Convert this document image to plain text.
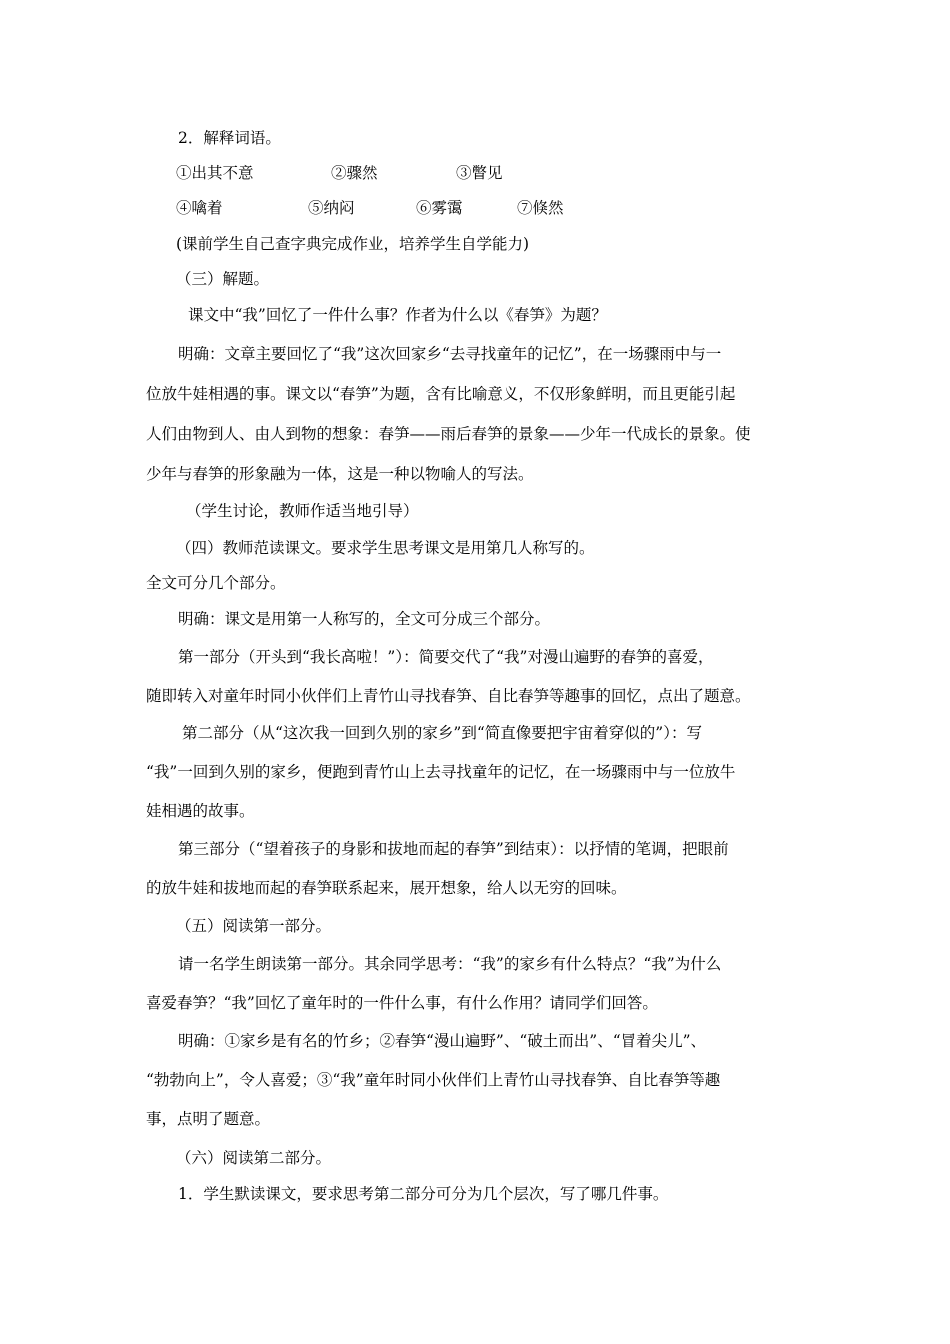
2．解释词语。
①出其不意	②骤然	③瞥见
④噙着	⑤纳闷	⑥雾霭	⑦倏然
(课前学生自己查字典完成作业，培养学生自学能力)
（三）解题。
课文中“我”回忆了一件什么事？作者为什么以《春笋》为题？
明确：文章主要回忆了“我”这次回家乡“去寻找童年的记忆”，在一场骤雨中与一
位放牛娃相遇的事。课文以“春笋”为题，含有比喻意义，不仅形象鲜明，而且更能引起
人们由物到人、由人到物的想象：春笋——雨后春笋的景象——少年一代成长的景象。使
少年与春笋的形象融为一体，这是一种以物喻人的写法。
（学生讨论，教师作适当地引导）
（四）教师范读课文。要求学生思考课文是用第几人称写的。
全文可分几个部分。
明确：课文是用第一人称写的，全文可分成三个部分。
第一部分（开头到“我长高啦！”）：简要交代了“我”对漫山遍野的春笋的喜爱，
随即转入对童年时同小伙伴们上青竹山寻找春笋、自比春笋等趣事的回忆，点出了题意。
第二部分（从“这次我一回到久别的家乡”到“简直像要把宇宙着穿似的”）：写
“我”一回到久别的家乡，便跑到青竹山上去寻找童年的记忆，在一场骤雨中与一位放牛
娃相遇的故事。
第三部分（“望着孩子的身影和拔地而起的春笋”到结束）：以抒情的笔调，把眼前
的放牛娃和拔地而起的春笋联系起来，展开想象，给人以无穷的回味。
（五）阅读第一部分。
请一名学生朗读第一部分。其余同学思考：“我”的家乡有什么特点？“我”为什么
喜爱春笋？“我”回忆了童年时的一件什么事，有什么作用？请同学们回答。
明确：①家乡是有名的竹乡；②春笋“漫山遍野”、“破土而出”、“冒着尖儿”、
“勃勃向上”，令人喜爱；③“我”童年时同小伙伴们上青竹山寻找春笋、自比春笋等趣
事，点明了题意。
（六）阅读第二部分。
1．学生默读课文，要求思考第二部分可分为几个层次，写了哪几件事。
